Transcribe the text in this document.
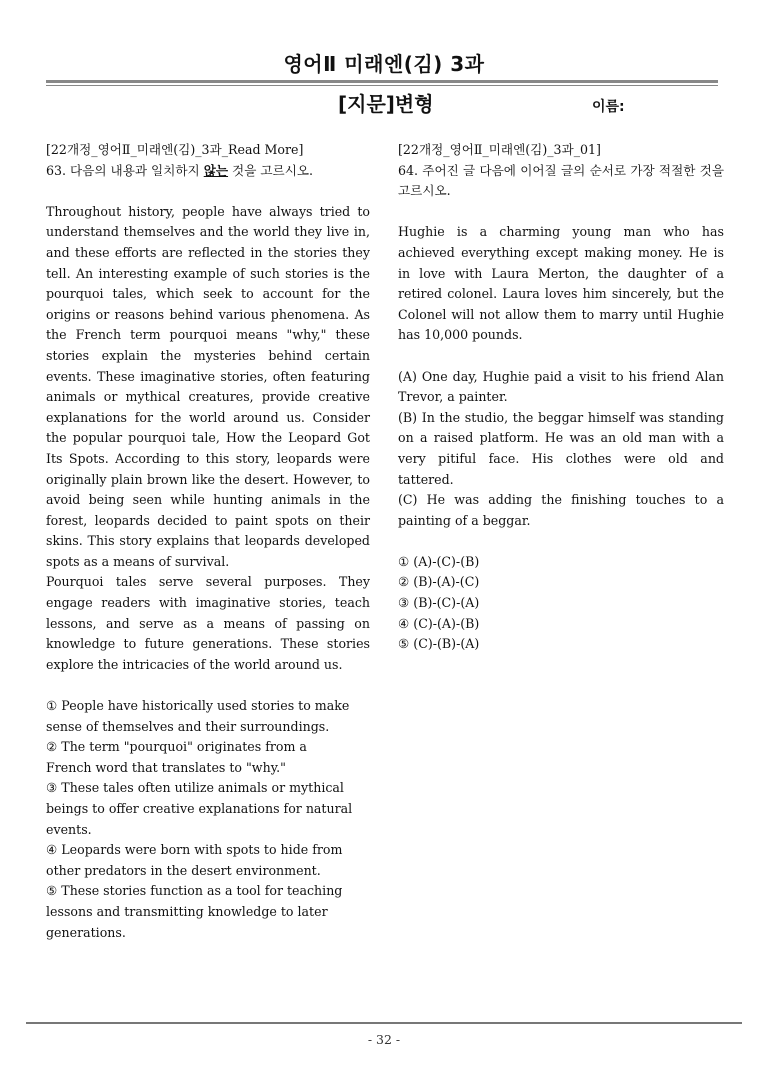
영어Ⅱ 미래엔(김) 3과
[지문]변형	이름:

[22개정_영어Ⅱ_미래엔(김)_3과_Read More]

63. 다음의 내용과 일치하지 않는 것을 고르시오.

Throughout history, people have always tried to understand themselves and the world they live in, and these efforts are reflected in the stories they tell. An interesting example of such stories is the pourquoi tales, which seek to account for the origins or reasons behind various phenomena. As the French term pourquoi means "why," these stories explain the mysteries behind certain events. These imaginative stories, often featuring animals or mythical creatures, provide creative explanations for the world around us. Consider the popular pourquoi tale, How the Leopard Got Its Spots. According to this story, leopards were originally plain brown like the desert. However, to avoid being seen while hunting animals in the forest, leopards decided to paint spots on their skins. This story explains that leopards developed spots as a means of survival.

Pourquoi tales serve several purposes. They engage readers with imaginative stories, teach lessons, and serve as a means of passing on knowledge to future generations. These stories explore the intricacies of the world around us.

① People have historically used stories to make sense of themselves and their surroundings.

② The term "pourquoi" originates from a French word that translates to "why."

③ These tales often utilize animals or mythical beings to offer creative explanations for natural events.

④ Leopards were born with spots to hide from other predators in the desert environment.

⑤ These stories function as a tool for teaching lessons and transmitting knowledge to later generations.

[22개정_영어Ⅱ_미래엔(김)_3과_01]

64. 주어진 글 다음에 이어질 글의 순서로 가장 적절한 것을 고르시오.

Hughie is a charming young man who has achieved everything except making money. He is in love with Laura Merton, the daughter of a retired colonel. Laura loves him sincerely, but the Colonel will not allow them to marry until Hughie has 10,000 pounds.

(A) One day, Hughie paid a visit to his friend Alan Trevor, a painter.

(B) In the studio, the beggar himself was standing on a raised platform. He was an old man with a very pitiful face. His clothes were old and tattered.

(C) He was adding the finishing touches to a painting of a beggar.

① (A)-(C)-(B)

② (B)-(A)-(C)

③ (B)-(C)-(A)

④ (C)-(A)-(B)

⑤ (C)-(B)-(A)

- 32 -
